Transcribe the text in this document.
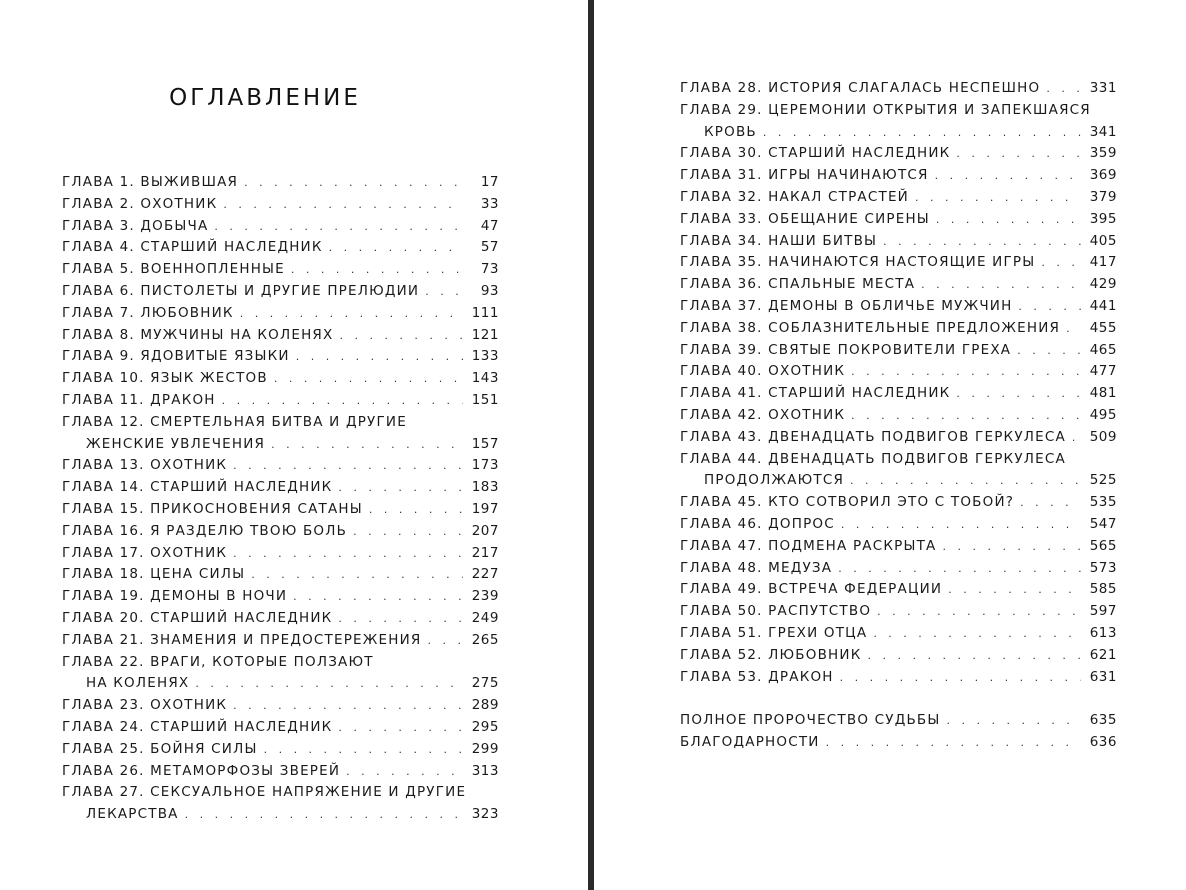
оглавление
ГЛАВА 1. ВЫЖИВШАЯ . . .	17
ГЛАВА 2. ОХОТНИК . . .	33
ГЛАВА 3. ДОБЫЧА . . .	47
ГЛАВА 4. СТАРШИЙ НАСЛЕДНИК . . .	57
ГЛАВА 5. ВОЕННОПЛЕННЫЕ . . .	73
ГЛАВА 6. ПИСТОЛЕТЫ И ДРУГИЕ ПРЕЛЮДИИ . . .	93
ГЛАВА 7. ЛЮБОВНИК . . .	111
ГЛАВА 8. МУЖЧИНЫ НА КОЛЕНЯХ . . .	121
ГЛАВА 9. ЯДОВИТЫЕ ЯЗЫКИ . . .	133
ГЛАВА 10. ЯЗЫК ЖЕСТОВ . . .	143
ГЛАВА 11. ДРАКОН . . .	151
ГЛАВА 12. СМЕРТЕЛЬНАЯ БИТВА И ДРУГИЕ
ЖЕНСКИЕ УВЛЕЧЕНИЯ . . .	157
ГЛАВА 13. ОХОТНИК . . .	173
ГЛАВА 14. СТАРШИЙ НАСЛЕДНИК . . .	183
ГЛАВА 15. ПРИКОСНОВЕНИЯ САТАНЫ . . .	197
ГЛАВА 16. Я РАЗДЕЛЮ ТВОЮ БОЛЬ . . .	207
ГЛАВА 17. ОХОТНИК . . .	217
ГЛАВА 18. ЦЕНА СИЛЫ . . .	227
ГЛАВА 19. ДЕМОНЫ В НОЧИ . . .	239
ГЛАВА 20. СТАРШИЙ НАСЛЕДНИК . . .	249
ГЛАВА 21. ЗНАМЕНИЯ И ПРЕДОСТЕРЕЖЕНИЯ . . .	265
ГЛАВА 22. ВРАГИ, КОТОРЫЕ ПОЛЗАЮТ
НА КОЛЕНЯХ . . .	275
ГЛАВА 23. ОХОТНИК . . .	289
ГЛАВА 24. СТАРШИЙ НАСЛЕДНИК . . .	295
ГЛАВА 25. БОЙНЯ СИЛЫ . . .	299
ГЛАВА 26. МЕТАМОРФОЗЫ ЗВЕРЕЙ . . .	313
ГЛАВА 27. СЕКСУАЛЬНОЕ НАПРЯЖЕНИЕ И ДРУГИЕ
ЛЕКАРСТВА . . .	323
ГЛАВА 28. ИСТОРИЯ СЛАГАЛАСЬ НЕСПЕШНО . . .	331
ГЛАВА 29. ЦЕРЕМОНИИ ОТКРЫТИЯ И ЗАПЕКШАЯСЯ
КРОВЬ . . .	341
ГЛАВА 30. СТАРШИЙ НАСЛЕДНИК . . .	359
ГЛАВА 31. ИГРЫ НАЧИНАЮТСЯ . . .	369
ГЛАВА 32. НАКАЛ СТРАСТЕЙ . . .	379
ГЛАВА 33. ОБЕЩАНИЕ СИРЕНЫ . . .	395
ГЛАВА 34. НАШИ БИТВЫ . . .	405
ГЛАВА 35. НАЧИНАЮТСЯ НАСТОЯЩИЕ ИГРЫ . . .	417
ГЛАВА 36. СПАЛЬНЫЕ МЕСТА . . .	429
ГЛАВА 37. ДЕМОНЫ В ОБЛИЧЬЕ МУЖЧИН . . .	441
ГЛАВА 38. СОБЛАЗНИТЕЛЬНЫЕ ПРЕДЛОЖЕНИЯ . . . 455
ГЛАВА 39. СВЯТЫЕ ПОКРОВИТЕЛИ ГРЕХА . . .	465
ГЛАВА 40. ОХОТНИК . . .	477
ГЛАВА 41. СТАРШИЙ НАСЛЕДНИК . . .	481
ГЛАВА 42. ОХОТНИК . . .	495
ГЛАВА 43. ДВЕНАДЦАТЬ ПОДВИГОВ ГЕРКУЛЕСА . . . 509
ГЛАВА 44. ДВЕНАДЦАТЬ ПОДВИГОВ ГЕРКУЛЕСА
ПРОДОЛЖАЮТСЯ . . .	525
ГЛАВА 45. КТО СОТВОРИЛ ЭТО С ТОБОЙ? . . .	535
ГЛАВА 46. ДОПРОС . . .	547
ГЛАВА 47. ПОДМЕНА РАСКРЫТА . . .	565
ГЛАВА 48. МЕДУЗА . . .	573
ГЛАВА 49. ВСТРЕЧА ФЕДЕРАЦИИ . . .	585
ГЛАВА 50. РАСПУТСТВО . . .	597
ГЛАВА 51. ГРЕХИ ОТЦА . . .	613
ГЛАВА 52. ЛЮБОВНИК . . .	621
ГЛАВА 53. ДРАКОН . . .	631
ПОЛНОЕ ПРОРОЧЕСТВО СУДЬБЫ . . .	635
БЛАГОДАРНОСТИ . . .	636
